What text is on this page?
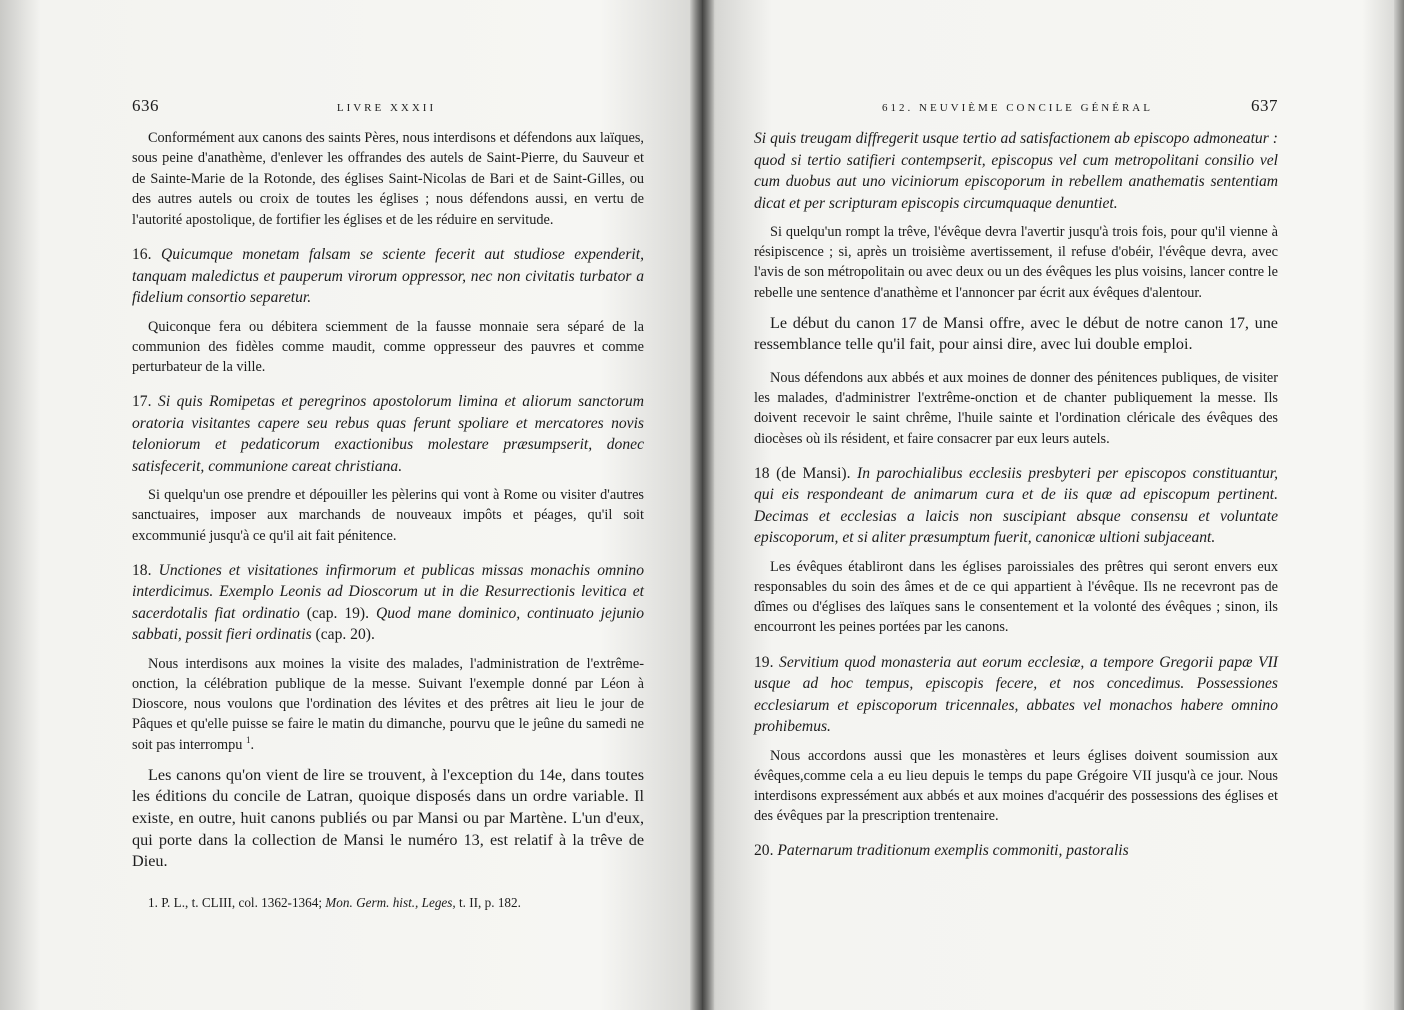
636	LIVRE XXXII

Conformément aux canons des saints Pères, nous interdisons et défendons aux laïques, sous peine d'anathème, d'enlever les offrandes des autels de Saint-Pierre, du Sauveur et de Sainte-Marie de la Rotonde, des églises Saint-Nicolas de Bari et de Saint-Gilles, ou des autres autels ou croix de toutes les églises ; nous défendons aussi, en vertu de l'autorité apostolique, de fortifier les églises et de les réduire en servitude.

16. Quicumque monetam falsam se sciente fecerit aut studiose expenderit, tanquam maledictus et pauperum virorum oppressor, nec non civitatis turbator a fidelium consortio separetur.

Quiconque fera ou débitera sciemment de la fausse monnaie sera séparé de la communion des fidèles comme maudit, comme oppresseur des pauvres et comme perturbateur de la ville.

17. Si quis Romipetas et peregrinos apostolorum limina et aliorum sanctorum oratoria visitantes capere seu rebus quas ferunt spoliare et mercatores novis teloniorum et pedaticorum exactionibus molestare præsumpserit, donec satisfecerit, communione careat christiana.

Si quelqu'un ose prendre et dépouiller les pèlerins qui vont à Rome ou visiter d'autres sanctuaires, imposer aux marchands de nouveaux impôts et péages, qu'il soit excommunié jusqu'à ce qu'il ait fait pénitence.

18. Unctiones et visitationes infirmorum et publicas missas monachis omnino interdicimus. Exemplo Leonis ad Dioscorum ut in die Resurrectionis levitica et sacerdotalis fiat ordinatio (cap. 19). Quod mane dominico, continuato jejunio sabbati, possit fieri ordinatis (cap. 20).

Nous interdisons aux moines la visite des malades, l'administration de l'extrême-onction, la célébration publique de la messe. Suivant l'exemple donné par Léon à Dioscore, nous voulons que l'ordination des lévites et des prêtres ait lieu le jour de Pâques et qu'elle puisse se faire le matin du dimanche, pourvu que le jeûne du samedi ne soit pas interrompu $^1$.

Les canons qu'on vient de lire se trouvent, à l'exception du 14e, dans toutes les éditions du concile de Latran, quoique disposés dans un ordre variable. Il existe, en outre, huit canons publiés ou par Mansi ou par Martène. L'un d'eux, qui porte dans la collection de Mansi le numéro 13, est relatif à la trêve de Dieu.

1. P. L., t. CLIII, col. 1362-1364; Mon. Germ. hist., Leges, t. II, p. 182.
612. NEUVIÈME CONCILE GÉNÉRAL	637
Si quis treugam diffregerit usque tertio ad satisfactionem ab episcopo admoneatur : quod si tertio satifieri contempserit, episcopus vel cum metropolitani consilio vel cum duobus aut uno viciniorum episcoporum in rebellem anathematis sententiam dicat et per scripturam episcopis circumquaque denuntiet.

Si quelqu'un rompt la trêve, l'évêque devra l'avertir jusqu'à trois fois, pour qu'il vienne à résipiscence ; si, après un troisième avertissement, il refuse d'obéir, l'évêque devra, avec l'avis de son métropolitain ou avec deux ou un des évêques les plus voisins, lancer contre le rebelle une sentence d'anathème et l'annoncer par écrit aux évêques d'alentour.

Le début du canon 17 de Mansi offre, avec le début de notre canon 17, une ressemblance telle qu'il fait, pour ainsi dire, avec lui double emploi.

Nous défendons aux abbés et aux moines de donner des pénitences publiques, de visiter les malades, d'administrer l'extrême-onction et de chanter publiquement la messe. Ils doivent recevoir le saint chrême, l'huile sainte et l'ordination cléricale des évêques des diocèses où ils résident, et faire consacrer par eux leurs autels.

18 (de Mansi). In parochialibus ecclesiis presbyteri per episcopos constituantur, qui eis respondeant de animarum cura et de iis quæ ad episcopum pertinent. Decimas et ecclesias a laicis non suscipiant absque consensu et voluntate episcoporum, et si aliter præsumptum fuerit, canonicæ ultioni subjaceant.

Les évêques établiront dans les églises paroissiales des prêtres qui seront envers eux responsables du soin des âmes et de ce qui appartient à l'évêque. Ils ne recevront pas de dîmes ou d'églises des laïques sans le consentement et la volonté des évêques ; sinon, ils encourront les peines portées par les canons.

19. Servitium quod monasteria aut eorum ecclesiæ, a tempore Gregorii papæ VII usque ad hoc tempus, episcopis fecere, et nos concedimus. Possessiones ecclesiarum et episcoporum tricennales, abbates vel monachos habere omnino prohibemus.

Nous accordons aussi que les monastères et leurs églises doivent soumission aux évêques,comme cela a eu lieu depuis le temps du pape Grégoire VII jusqu'à ce jour. Nous interdisons expressément aux abbés et aux moines d'acquérir des possessions des églises et des évêques par la prescription trentenaire.

20. Paternarum traditionum exemplis commoniti, pastoralis
